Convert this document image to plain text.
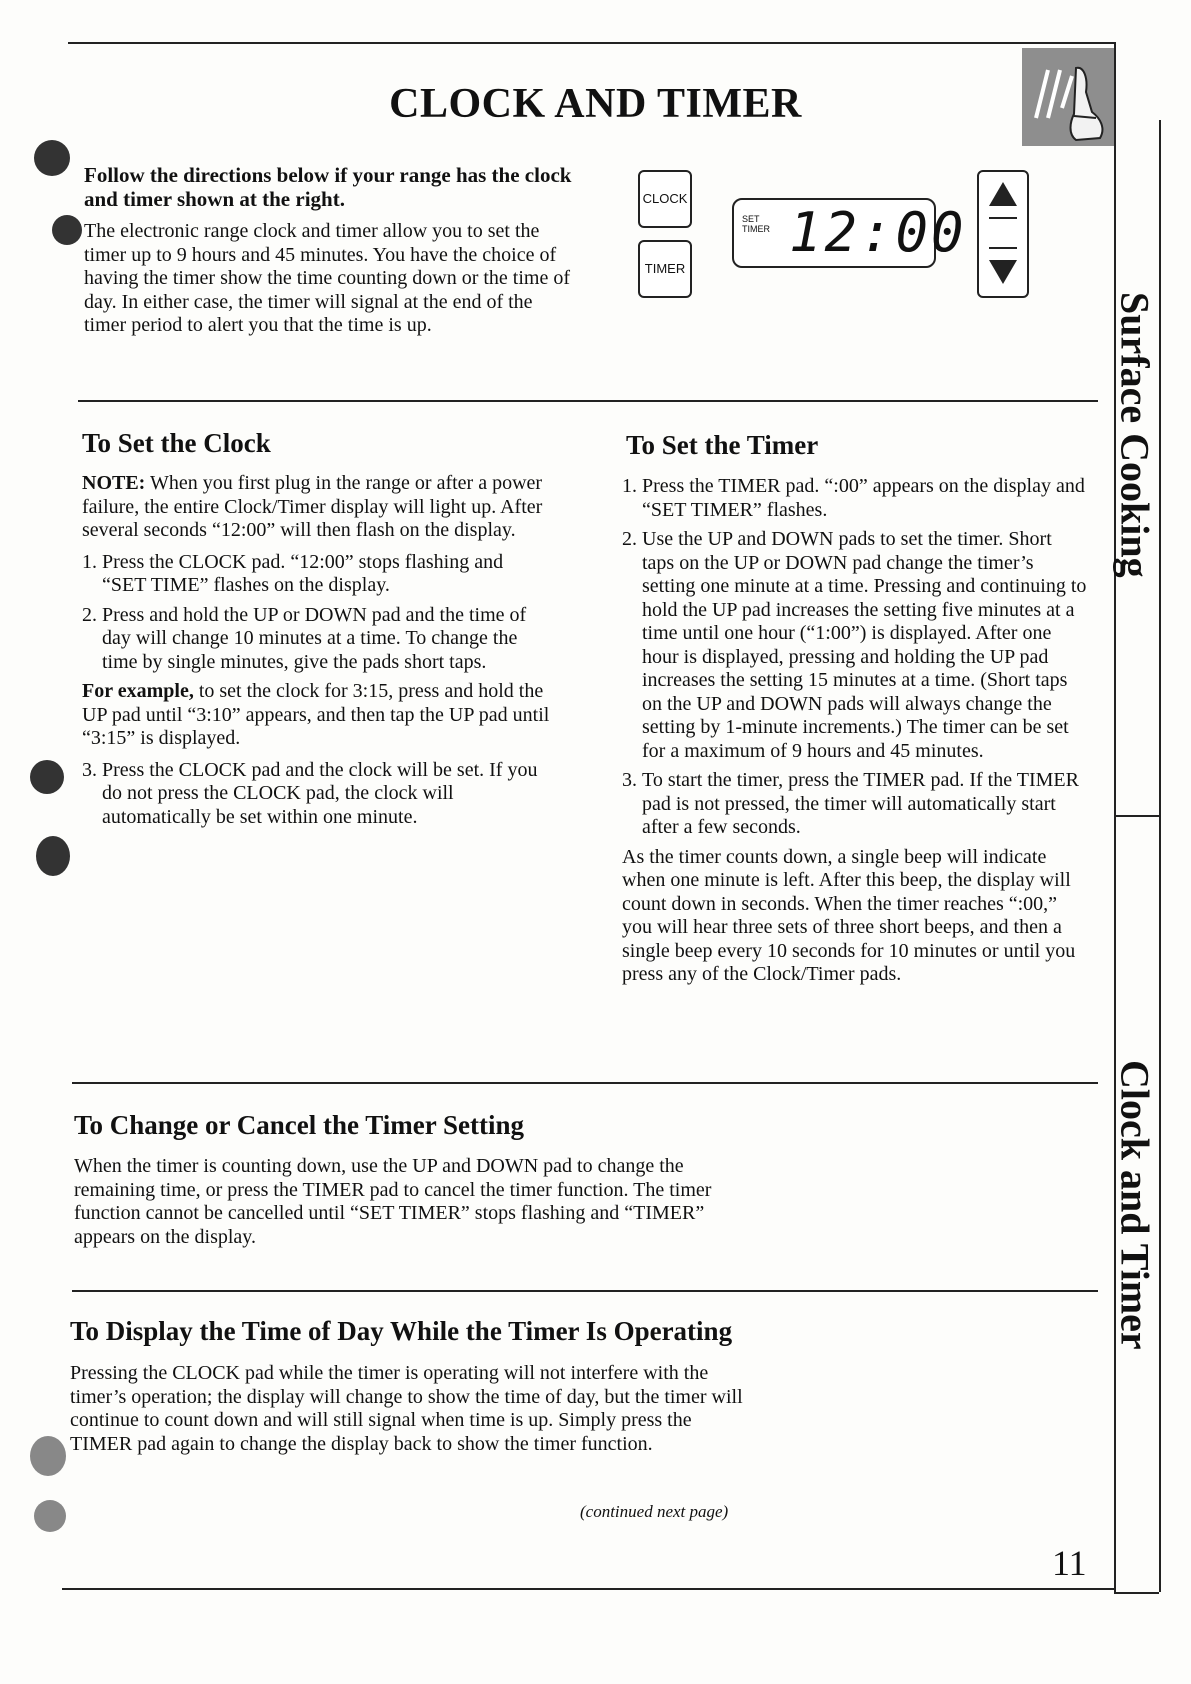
CLOCK AND TIMER
Follow the directions below if your range has the clock and timer shown at the right.
The electronic range clock and timer allow you to set the timer up to 9 hours and 45 minutes. You have the choice of having the timer show the time counting down or the time of day. In either case, the timer will signal at the end of the timer period to alert you that the time is up.
CLOCK
TIMER
SET
TIMER 12:00
To Set the Clock
NOTE: When you first plug in the range or after a power failure, the entire Clock/Timer display will light up. After several seconds “12:00” will then flash on the display.
1. Press the CLOCK pad. “12:00” stops flashing and “SET TIME” flashes on the display.
2. Press and hold the UP or DOWN pad and the time of day will change 10 minutes at a time. To change the time by single minutes, give the pads short taps.
For example, to set the clock for 3:15, press and hold the UP pad until “3:10” appears, and then tap the UP pad until “3:15” is displayed.
3. Press the CLOCK pad and the clock will be set. If you do not press the CLOCK pad, the clock will automatically be set within one minute.
To Set the Timer
1. Press the TIMER pad. “:00” appears on the display and “SET TIMER” flashes.
2. Use the UP and DOWN pads to set the timer. Short taps on the UP or DOWN pad change the timer’s setting one minute at a time. Pressing and continuing to hold the UP pad increases the setting five minutes at a time until one hour (“1:00”) is displayed. After one hour is displayed, pressing and holding the UP pad increases the setting 15 minutes at a time. (Short taps on the UP and DOWN pads will always change the setting by 1-minute increments.) The timer can be set for a maximum of 9 hours and 45 minutes.
3. To start the timer, press the TIMER pad. If the TIMER pad is not pressed, the timer will automatically start after a few seconds.
As the timer counts down, a single beep will indicate when one minute is left. After this beep, the display will count down in seconds. When the timer reaches “:00,” you will hear three sets of three short beeps, and then a single beep every 10 seconds for 10 minutes or until you press any of the Clock/Timer pads.
To Change or Cancel the Timer Setting
When the timer is counting down, use the UP and DOWN pad to change the remaining time, or press the TIMER pad to cancel the timer function. The timer function cannot be cancelled until “SET TIMER” stops flashing and “TIMER” appears on the display.
To Display the Time of Day While the Timer Is Operating
Pressing the CLOCK pad while the timer is operating will not interfere with the timer’s operation; the display will change to show the time of day, but the timer will continue to count down and will still signal when time is up. Simply press the TIMER pad again to change the display back to show the timer function.
(continued next page)
11
Surface Cooking
Clock and Timer
